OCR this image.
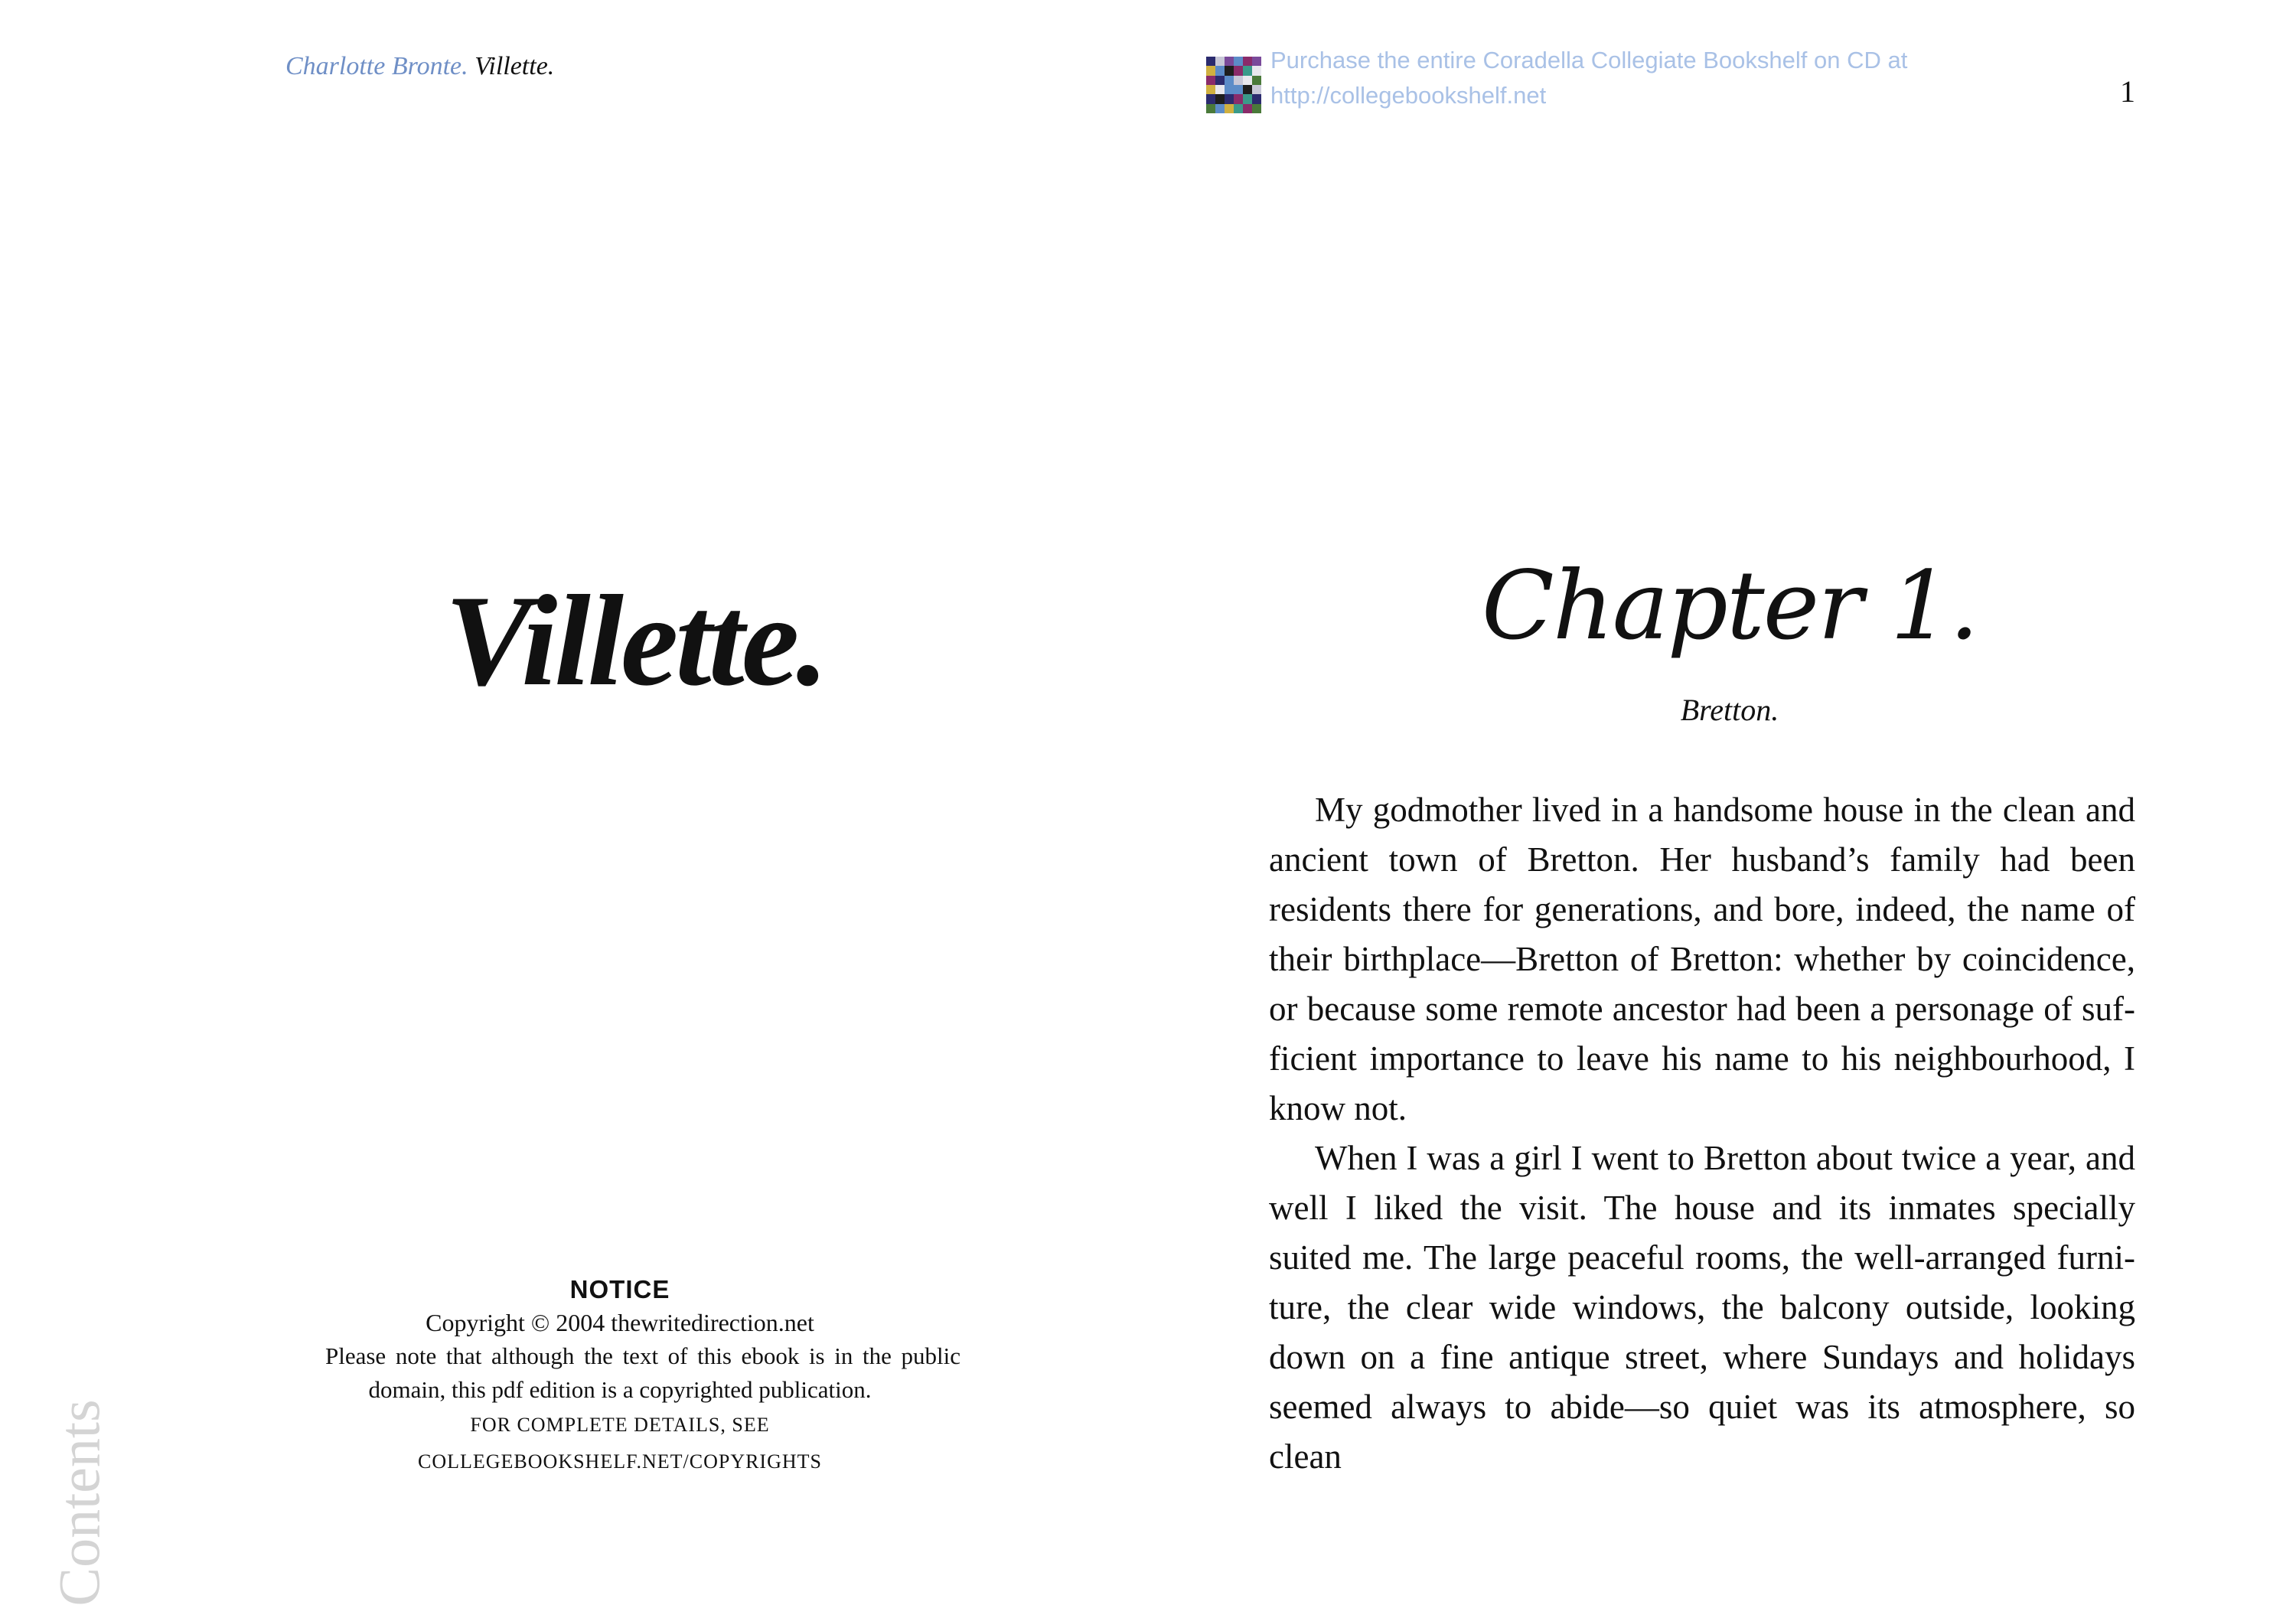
Charlotte Bronte. Villette.	Purchase the entire Coradella Collegiate Bookshelf on CD at
http://collegebookshelf.net	1
Villette.
NOTICE
Copyright © 2004 thewritedirection.net
Please note that although the text of this ebook is in the public domain, this pdf edition is a copyrighted publication.
FOR COMPLETE DETAILS, SEE
COLLEGEBOOKSHELF.NET/COPYRIGHTS
Contents
Chapter 1.
Bretton.

My godmother lived in a handsome house in the clean and ancient town of Bretton. Her husband’s family had been residents there for generations, and bore, indeed, the name of their birthplace—Bretton of Bretton: whether by coincidence, or because some remote ancestor had been a personage of suf-ficient importance to leave his name to his neighbourhood, I know not.

When I was a girl I went to Bretton about twice a year, and well I liked the visit. The house and its inmates specially suited me. The large peaceful rooms, the well-arranged furni-ture, the clear wide windows, the balcony outside, looking down on a fine antique street, where Sundays and holidays seemed always to abide—so quiet was its atmosphere, so clean
